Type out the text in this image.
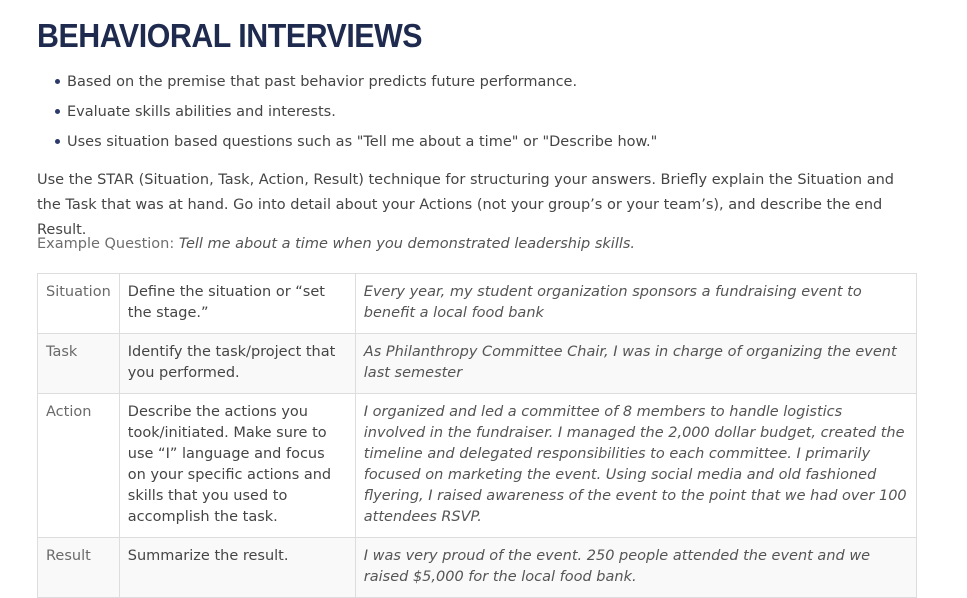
BEHAVIORAL INTERVIEWS
Based on the premise that past behavior predicts future performance.
Evaluate skills abilities and interests.
Uses situation based questions such as "Tell me about a time" or "Describe how."

Use the STAR (Situation, Task, Action, Result) technique for structuring your answers. Briefly explain the Situation and the Task that was at hand. Go into detail about your Actions (not your group’s or your team’s), and describe the end Result.

Example Question: Tell me about a time when you demonstrated leadership skills.

Situation	Define the situation or “set the stage.”	Every year, my student organization sponsors a fundraising event to benefit a local food bank
Task	Identify the task/project that you performed.	As Philanthropy Committee Chair, I was in charge of organizing the event last semester
Action	Describe the actions you took/initiated. Make sure to use “I” language and focus on your specific actions and skills that you used to accomplish the task.	I organized and led a committee of 8 members to handle logistics involved in the fundraiser. I managed the 2,000 dollar budget, created the timeline and delegated responsibilities to each committee. I primarily focused on marketing the event. Using social media and old fashioned flyering, I raised awareness of the event to the point that we had over 100 attendees RSVP.
Result	Summarize the result.	I was very proud of the event. 250 people attended the event and we raised $5,000 for the local food bank.
